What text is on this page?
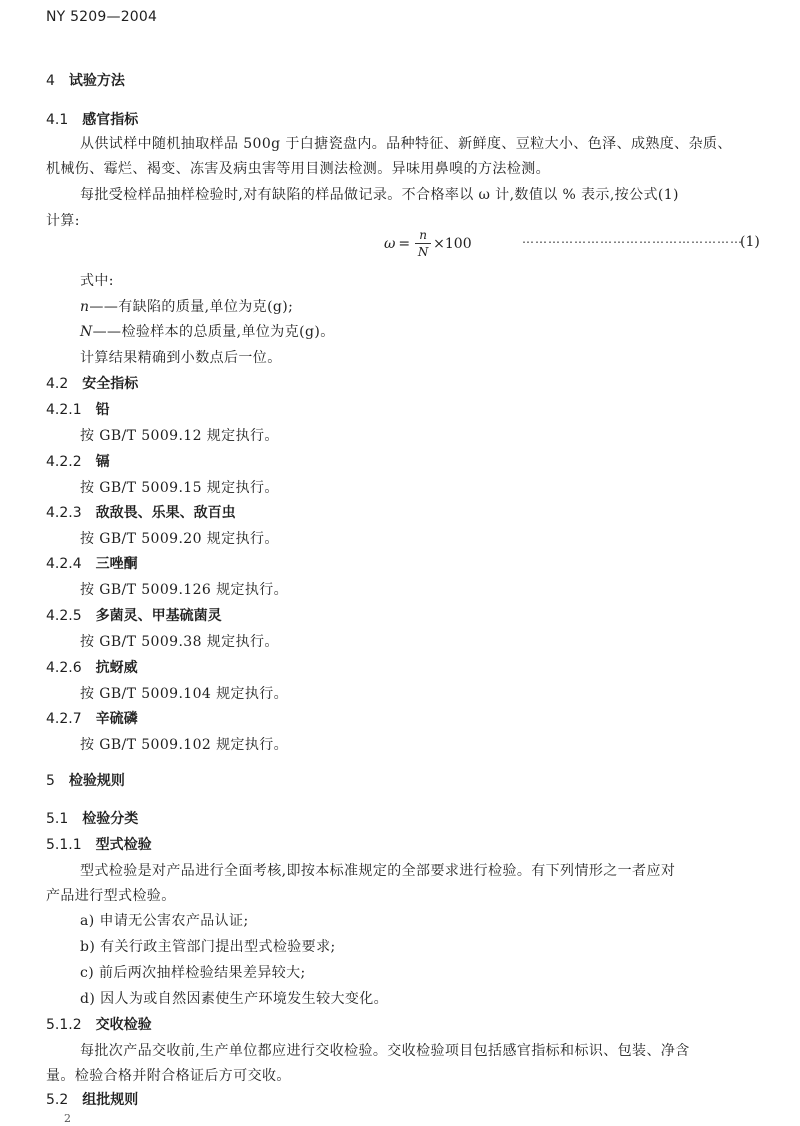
NY 5209—2004
4 试验方法
4.1 感官指标
从供试样中随机抽取样品 500g 于白搪瓷盘内。品种特征、新鲜度、豆粒大小、色泽、成熟度、杂质、
机械伤、霉烂、褐变、冻害及病虫害等用目测法检测。异味用鼻嗅的方法检测。
每批受检样品抽样检验时,对有缺陷的样品做记录。不合格率以 ω 计,数值以 % 表示,按公式(1)
计算:
$\omega = \frac{n}{N} \times 100$	……………………………………………
(1)
式中:
n——有缺陷的质量,单位为克(g);
N——检验样本的总质量,单位为克(g)。
计算结果精确到小数点后一位。
4.2 安全指标
4.2.1 铅
按 GB/T 5009.12 规定执行。
4.2.2 镉
按 GB/T 5009.15 规定执行。
4.2.3 敌敌畏、乐果、敌百虫
按 GB/T 5009.20 规定执行。
4.2.4 三唑酮
按 GB/T 5009.126 规定执行。
4.2.5 多菌灵、甲基硫菌灵
按 GB/T 5009.38 规定执行。
4.2.6 抗蚜威
按 GB/T 5009.104 规定执行。
4.2.7 辛硫磷
按 GB/T 5009.102 规定执行。
5 检验规则
5.1 检验分类
5.1.1 型式检验
型式检验是对产品进行全面考核,即按本标准规定的全部要求进行检验。有下列情形之一者应对
产品进行型式检验。
a) 申请无公害农产品认证;
b) 有关行政主管部门提出型式检验要求;
c) 前后两次抽样检验结果差异较大;
d) 因人为或自然因素使生产环境发生较大变化。
5.1.2 交收检验
每批次产品交收前,生产单位都应进行交收检验。交收检验项目包括感官指标和标识、包装、净含
量。检验合格并附合格证后方可交收。
5.2 组批规则
2
